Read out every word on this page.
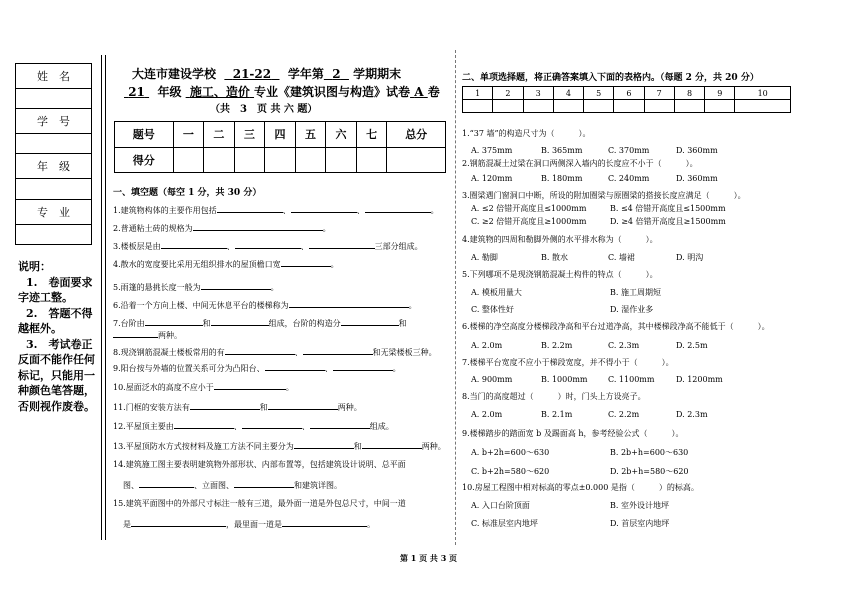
姓　名

学　号

年　级

专　业

说明：
1.　卷面要求字迹工整。
2.　答题不得越框外。
3.　考试卷正反面不能作任何标记，只能用一种颜色笔答题，否则视作废卷。
大连市建设学校 21-22 学年第 2 学期期末
21 年级 施工、造价 专业《建筑识图与构造》试卷 A 卷
（共　3　页 共 六 题）
题号	一	二	三	四	五	六	七	总分
得分								
一、填空题（每空 1 分，共 30 分）
1.建筑物构体的主要作用包括	、	、	。
2.普通粘土砖的规格为	。
3.楼板层是由	、	、	三部分组成。
4.散水的宽度要比采用无组织排水的屋顶檐口宽	。
5.雨篷的悬挑长度一般为	。
6.沿着一个方向上楼、中间无休息平台的楼梯称为	。
7.台阶由	和	组成，台阶的构造分	和
两种。
8.现浇钢筋混凝土楼板常用的有	、	和无梁楼板三种。
9.阳台按与外墙的位置关系可分为凸阳台、	、	。
10.屋面泛水的高度不应小于	。
11.门框的安装方法有	和	两种。
12.平屋顶主要由	、	、	组成。
13.平屋顶防水方式按材料及施工方法不同主要分为	和	两种。
14.建筑施工图主要表明建筑物外部形状、内部布置等，包括建筑设计说明、总平面
图、	、立面图、	和建筑详图。
15.建筑平面图中的外部尺寸标注一般有三道，最外面一道是外包总尺寸，中间一道
是	，最里面一道是	。
二、单项选择题，将正确答案填入下面的表格内。（每题 2 分，共 20 分）
1	2	3	4	5	6	7	8	9	10

1.“37 墙”的构造尺寸为（　　　）。
A. 375mm	B. 365mm	C. 370mm	D. 360mm
2.钢筋混凝土过梁在洞口两侧深入墙内的长度应不小于（　　　）。
A. 120mm	B. 180mm	C. 240mm	D. 360mm
3.圈梁遇门窗洞口中断，所设的附加圈梁与原圈梁的搭接长度应满足（　　　）。
A. ≤2 倍错开高度且≤1000mm	B. ≤4 倍错开高度且≤1500mm
C. ≥2 倍错开高度且≥1000mm	D. ≥4 倍错开高度且≥1500mm
4.建筑物的四周和勒脚外侧的水平排水称为（　　　）。
A. 勒脚	B. 散水	C. 墙裙	D. 明沟
5.下列哪项不是现浇钢筋混凝土构件的特点（　　　）。
A. 模板用量大	B. 施工周期短
C. 整体性好	D. 湿作业多
6.楼梯的净空高度分楼梯段净高和平台过道净高，其中楼梯段净高不能低于（　　　）。
A. 2.0m	B. 2.2m	C. 2.3m	D. 2.5m
7.楼梯平台宽度不应小于梯段宽度，并不得小于（　　　）。
A. 900mm	B. 1000mm	C. 1100mm	D. 1200mm
8.当门的高度超过（　　　）时，门头上方设亮子。
A. 2.0m	B. 2.1m	C. 2.2m	D. 2.3m
9.楼梯踏步的踏面宽 b 及踢面高 h，参考经验公式（　　　）。
A. b+2h=600～630	B. 2b+h=600～630
C. b+2h=580～620	D. 2b+h=580～620
10.房屋工程图中相对标高的零点±0.000 是指（　　　）的标高。
A. 入口台阶顶面	B. 室外设计地坪
C. 标准层室内地坪	D. 首层室内地坪
第 1 页 共 3 页
